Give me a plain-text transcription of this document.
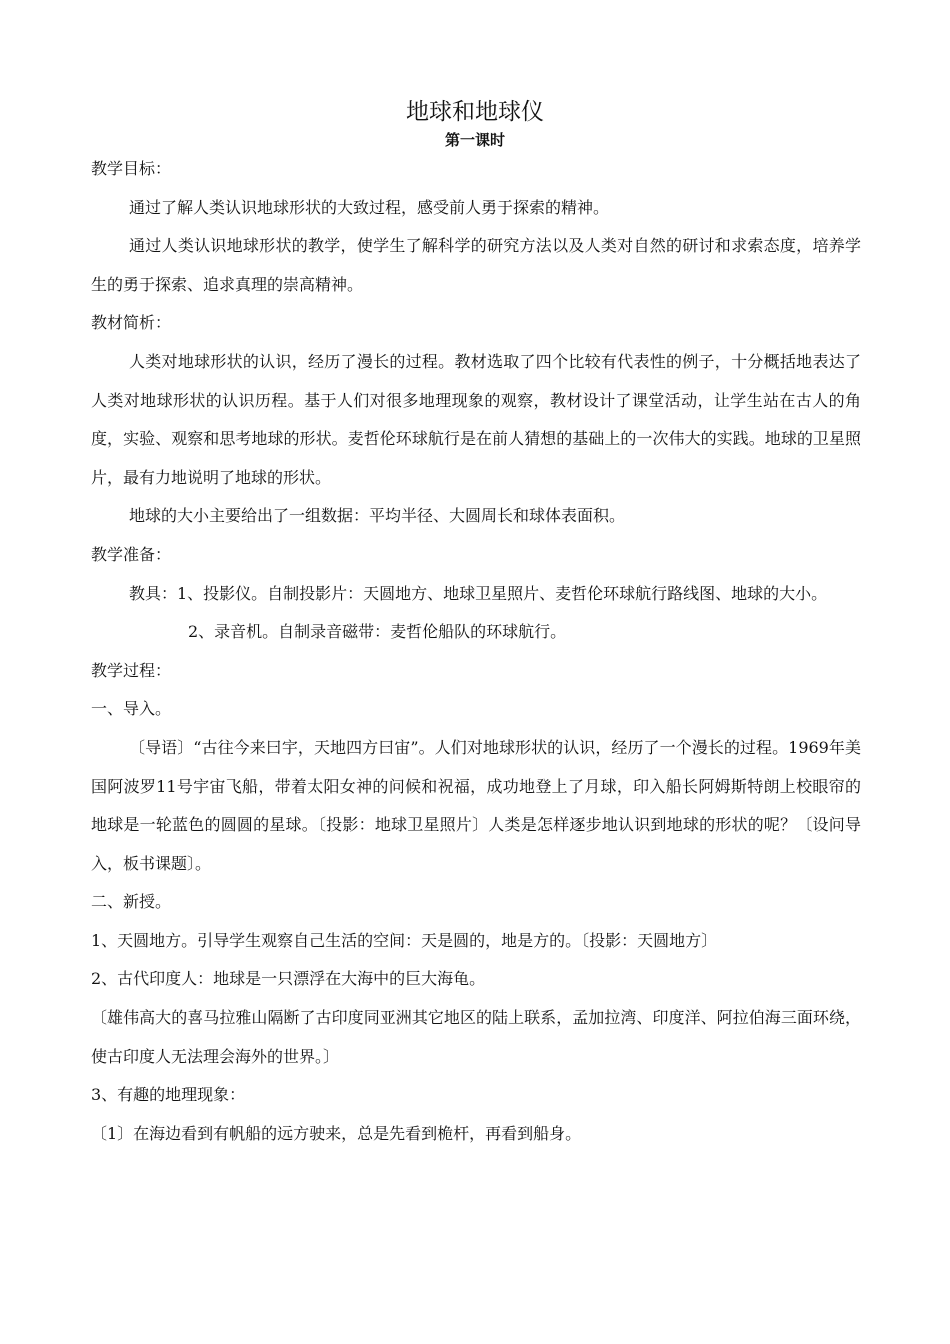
地球和地球仪
第一课时

教学目标：

通过了解人类认识地球形状的大致过程，感受前人勇于探索的精神。

通过人类认识地球形状的教学，使学生了解科学的研究方法以及人类对自然的研讨和求索态度，培养学生的勇于探索、追求真理的崇高精神。

教材简析：

人类对地球形状的认识，经历了漫长的过程。教材选取了四个比较有代表性的例子，十分概括地表达了人类对地球形状的认识历程。基于人们对很多地理现象的观察，教材设计了课堂活动，让学生站在古人的角度，实验、观察和思考地球的形状。麦哲伦环球航行是在前人猜想的基础上的一次伟大的实践。地球的卫星照片，最有力地说明了地球的形状。

地球的大小主要给出了一组数据：平均半径、大圆周长和球体表面积。

教学准备：

教具：1、投影仪。自制投影片：天圆地方、地球卫星照片、麦哲伦环球航行路线图、地球的大小。

2、录音机。自制录音磁带：麦哲伦船队的环球航行。

教学过程：

一、导入。

〔导语〕“古往今来曰宇，天地四方曰宙”。人们对地球形状的认识，经历了一个漫长的过程。1969年美国阿波罗11号宇宙飞船，带着太阳女神的问候和祝福，成功地登上了月球，印入船长阿姆斯特朗上校眼帘的地球是一轮蓝色的圆圆的星球。〔投影：地球卫星照片〕人类是怎样逐步地认识到地球的形状的呢？〔设问导入，板书课题〕。

二、新授。

1、天圆地方。引导学生观察自己生活的空间：天是圆的，地是方的。〔投影：天圆地方〕

2、古代印度人：地球是一只漂浮在大海中的巨大海龟。

〔雄伟高大的喜马拉雅山隔断了古印度同亚洲其它地区的陆上联系，孟加拉湾、印度洋、阿拉伯海三面环绕，使古印度人无法理会海外的世界。〕

3、有趣的地理现象：

〔1〕在海边看到有帆船的远方驶来，总是先看到桅杆，再看到船身。
